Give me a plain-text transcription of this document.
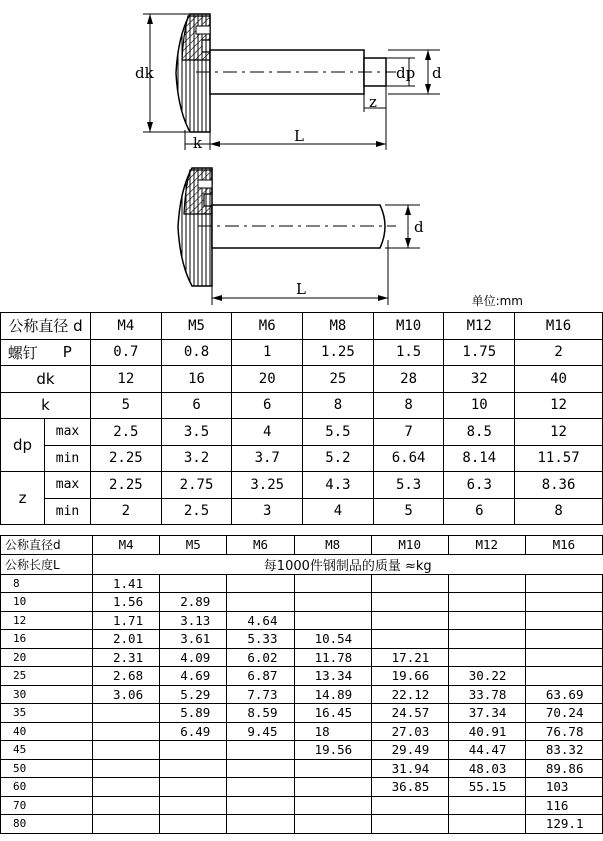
dk	dp d
z
k	L
d
L
单位:mm
公称直径 d		M4	M5	M6	M8	M10	M12	M16
螺钉	P	0.7	0.8	1	1.25	1.5	1.75	2
dk		12	16	20	25	28	32	40
k		5	6	6	8	8	10	12
dp	max	2.5	3.5	4	5.5	7	8.5	12
	min	2.25	3.2	3.7	5.2	6.64	8.14	11.57
z	max	2.25	2.75	3.25	4.3	5.3	6.3	8.36
	min	2	2.5	3	4	5	6	8
公称直径d	M4	M5	M6	M8	M10	M12	M16
公称长度L	每1000件钢制品的质量 ≈kg						
8	1.41						
10	1.56	2.89					
12	1.71	3.13	4.64				
16	2.01	3.61	5.33	10.54			
20	2.31	4.09	6.02	11.78	17.21		
25	2.68	4.69	6.87	13.34	19.66	30.22	
30	3.06	5.29	7.73	14.89	22.12	33.78	63.69
35		5.89	8.59	16.45	24.57	37.34	70.24
40		6.49	9.45	18	27.03	40.91	76.78
45				19.56	29.49	44.47	83.32
50					31.94	48.03	89.86
60					36.85	55.15	103
70							116
80							129.1
